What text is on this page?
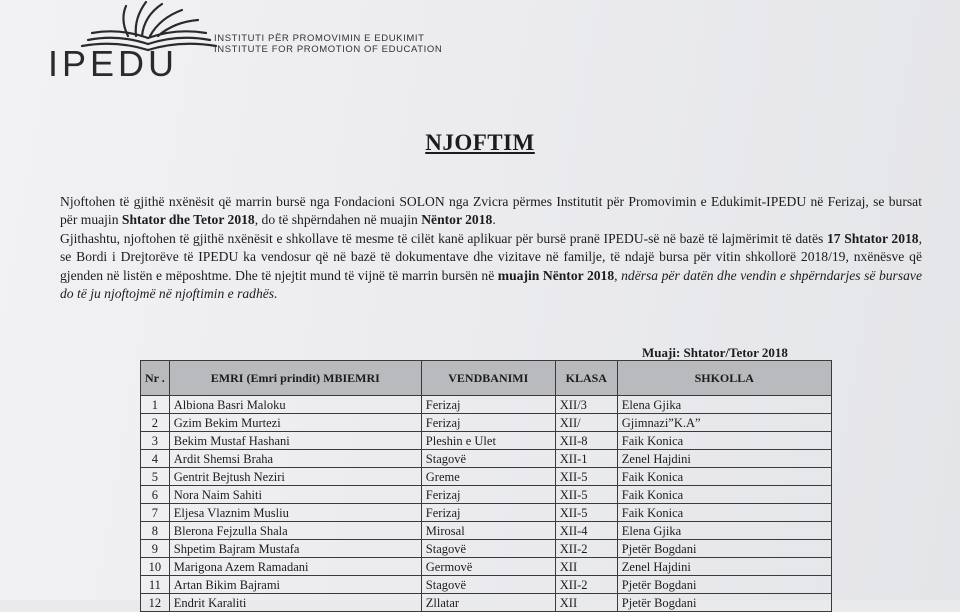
IPEDU
INSTITUTI PËR PROMOVIMIN E EDUKIMIT
INSTITUTE FOR PROMOTION OF EDUCATION
NJOFTIM

Njoftohen të gjithë nxënësit që marrin bursë nga Fondacioni SOLON nga Zvicra përmes Institutit për Promovimin e Edukimit-IPEDU në Ferizaj, se bursat për muajin Shtator dhe Tetor 2018, do të shpërndahen në muajin Nëntor 2018.

Gjithashtu, njoftohen të gjithë nxënësit e shkollave të mesme të cilët kanë aplikuar për bursë pranë IPEDU-së në bazë të lajmërimit të datës 17 Shtator 2018, se Bordi i Drejtorëve të IPEDU ka vendosur që në bazë të dokumentave dhe vizitave në familje, të ndajë bursa për vitin shkollorë 2018/19, nxënësve që gjenden në listën e mëposhtme. Dhe të njejtit mund të vijnë të marrin bursën në muajin Nëntor 2018, ndërsa për datën dhe vendin e shpërndarjes së bursave do të ju njoftojmë në njoftimin e radhës.

Muaji: Shtator/Tetor 2018
Nr .	EMRI (Emri prindit) MBIEMRI	VENDBANIMI	KLASA	SHKOLLA
1	Albiona Basri Maloku	Ferizaj	XII/3	Elena Gjika
2	Gzim Bekim Murtezi	Ferizaj	XII/	Gjimnazi”K.A”
3	Bekim Mustaf Hashani	Pleshin e Ulet	XII-8	Faik Konica
4	Ardit Shemsi Braha	Stagovë	XII-1	Zenel Hajdini
5	Gentrit Bejtush Neziri	Greme	XII-5	Faik Konica
6	Nora Naim Sahiti	Ferizaj	XII-5	Faik Konica
7	Eljesa Vlaznim Musliu	Ferizaj	XII-5	Faik Konica
8	Blerona Fejzulla Shala	Mirosal	XII-4	Elena Gjika
9	Shpetim Bajram Mustafa	Stagovë	XII-2	Pjetër Bogdani
10	Marigona Azem Ramadani	Germovë	XII	Zenel Hajdini
11	Artan Bikim Bajrami	Stagovë	XII-2	Pjetër Bogdani
12	Endrit Karaliti	Zllatar	XII	Pjetër Bogdani
